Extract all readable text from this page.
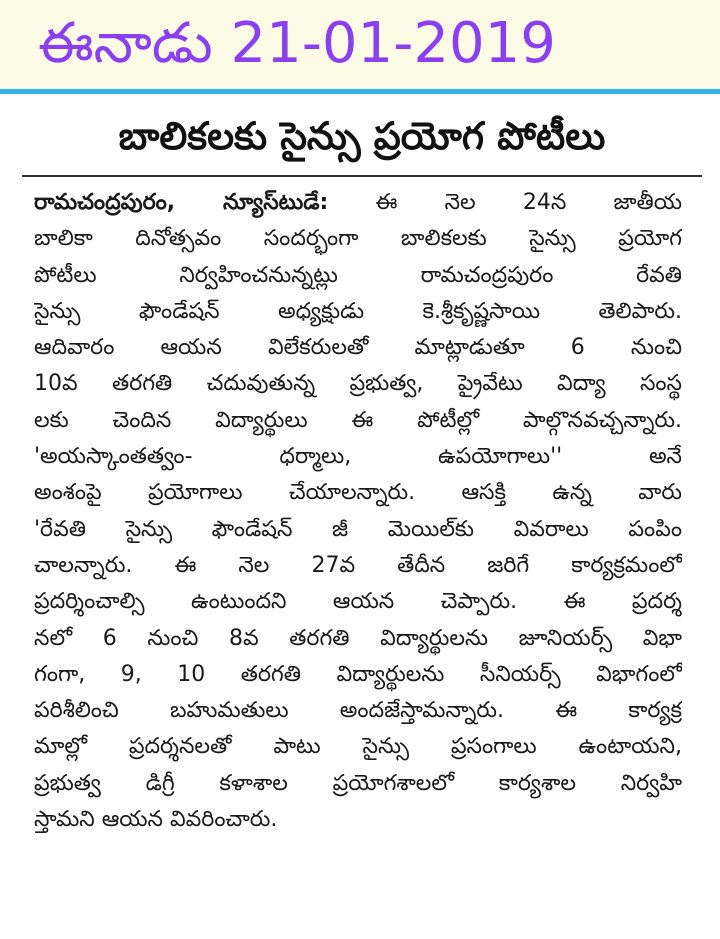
ఈనాడు 21-01-2019
బాలికలకు సైన్సు ప్రయోగ పోటీలు
రామచంద్రపురం, న్యూస్‌టుడే: ఈ నెల 24న జాతీయ
బాలికా దినోత్సవం సందర్భంగా బాలికలకు సైన్సు ప్రయోగ
పోటీలు నిర్వహించనున్నట్లు రామచంద్రపురం రేవతి
సైన్సు ఫౌండేషన్ అధ్యక్షుడు కె.శ్రీకృష్ణసాయి తెలిపారు.
ఆదివారం ఆయన విలేకరులతో మాట్లాడుతూ 6 నుంచి
10వ తరగతి చదువుతున్న ప్రభుత్వ, ప్రైవేటు విద్యా సంస్థ
లకు చెందిన విద్యార్థులు ఈ పోటీల్లో పాల్గొనవచ్చన్నారు.
'అయస్కాంతత్వం- ధర్మాలు, ఉపయోగాలు'' అనే
అంశంపై ప్రయోగాలు చేయాలన్నారు. ఆసక్తి ఉన్న వారు
'రేవతి సైన్సు ఫౌండేషన్ జీ మెయిల్‌కు వివరాలు పంపిం
చాలన్నారు. ఈ నెల 27వ తేదీన జరిగే కార్యక్రమంలో
ప్రదర్శించాల్సి ఉంటుందని ఆయన చెప్పారు. ఈ ప్రదర్శ
నలో 6 నుంచి 8వ తరగతి విద్యార్థులను జూనియర్స్ విభా
గంగా, 9, 10 తరగతి విద్యార్థులను సీనియర్స్ విభాగంలో
పరిశీలించి బహుమతులు అందజేస్తామన్నారు. ఈ కార్యక్ర
మాల్లో ప్రదర్శనలతో పాటు సైన్సు ప్రసంగాలు ఉంటాయని,
ప్రభుత్వ డిగ్రీ కళాశాల ప్రయోగశాలలో కార్యశాల నిర్వహి
స్తామని ఆయన వివరించారు.
